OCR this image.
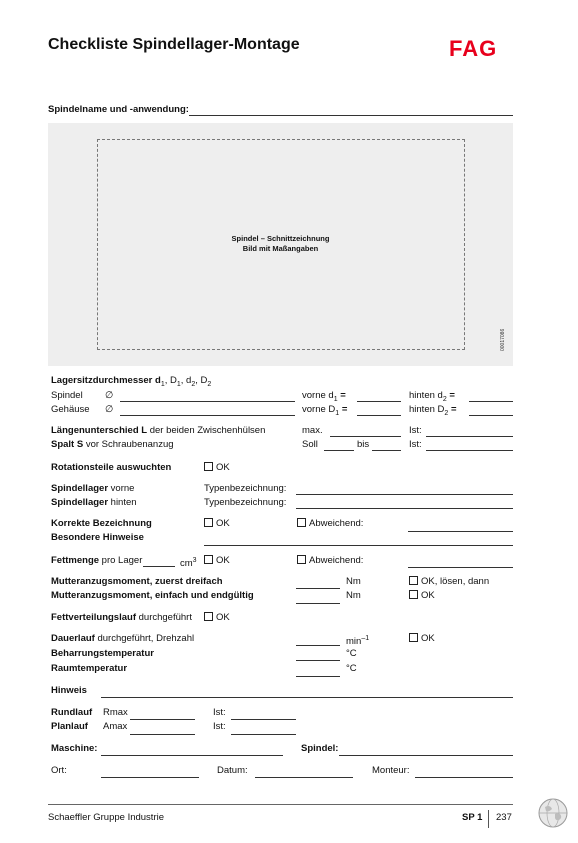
Checkliste Spindellager-Montage	FAG
Spindelname und -anwendung:
Spindel – Schnittzeichnung
Bild mit Maßangaben
00017086
Lagersitzdurchmesser $d_1$, $D_1$, $d_2$, $D_2$
Spindel ∅	vorne $d_1$ =	hinten $d_2$ =
Gehäuse ∅	vorne $D_1$ =	hinten $D_2$ =
Längenunterschied L der beiden Zwischenhülsen	max.	Ist:
Spalt S vor Schraubenanzug	Soll	bis	Ist:
Rotationsteile auswuchten	OK
Spindellager vorne	Typenbezeichnung:
Spindellager hinten	Typenbezeichnung:
Korrekte Bezeichnung	OK	Abweichend:
Besondere Hinweise
Fettmenge pro Lager	$cm^3$	OK	Abweichend:
Mutteranzugsmoment, zuerst dreifach	Nm	OK, lösen, dann
Mutteranzugsmoment, einfach und endgültig	Nm	OK
Fettverteilungslauf durchgeführt	OK
Dauerlauf durchgeführt, Drehzahl	$\min^{-1}$	OK
Beharrungstemperatur	°C
Raumtemperatur	°C
Hinweis
Rundlauf Rmax	Ist:
Planlauf Amax	Ist:
Maschine:	Spindel:
Ort:	Datum:	Monteur:
Schaeffler Gruppe Industrie	SP 1 237
